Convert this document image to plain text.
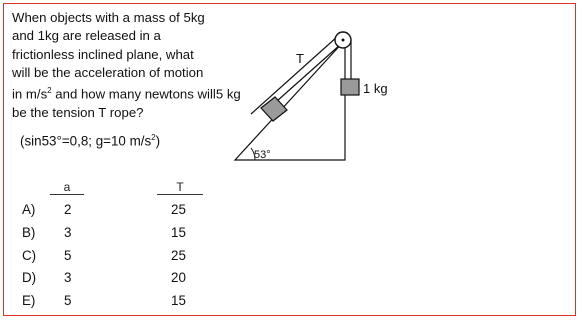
When objects with a mass of 5kg
and 1kg are released in a
frictionless inclined plane, what
will be the acceleration of motion
in $m/s^2$ and how many newtons will5 kg
be the tension T rope?
(sin53°=0,8; g=10 $m/s^2$)
a	T
A) 2	25
B) 3	15
C) 5	25
D) 3	20
E) 5	15
T
1 kg
53°
